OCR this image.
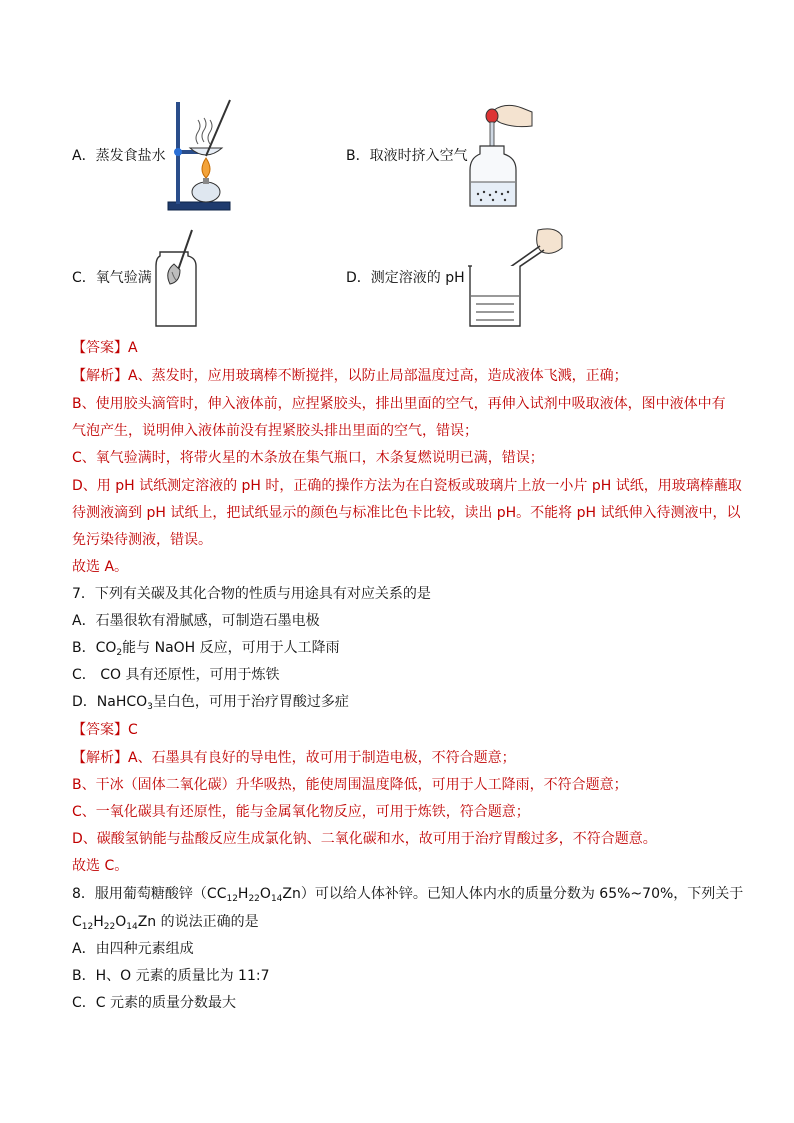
A．蒸发食盐水	B．取液时挤入空气
C．氧气验满	D．测定溶液的 pH
【答案】A
【解析】A、蒸发时，应用玻璃棒不断搅拌，以防止局部温度过高，造成液体飞溅，正确；
B、使用胶头滴管时，伸入液体前，应捏紧胶头，排出里面的空气，再伸入试剂中吸取液体，图中液体中有
气泡产生，说明伸入液体前没有捏紧胶头排出里面的空气，错误；
C、氧气验满时，将带火星的木条放在集气瓶口，木条复燃说明已满，错误；
D、用 pH 试纸测定溶液的 pH 时，正确的操作方法为在白瓷板或玻璃片上放一小片 pH 试纸，用玻璃棒蘸取
待测液滴到 pH 试纸上，把试纸显示的颜色与标准比色卡比较，读出 pH。不能将 pH 试纸伸入待测液中，以
免污染待测液，错误。
故选 A。
7．下列有关碳及其化合物的性质与用途具有对应关系的是
A．石墨很软有滑腻感，可制造石墨电极
B．$CO_2$能与 NaOH 反应，可用于人工降雨
C． CO 具有还原性，可用于炼铁
D．NaHCO$_3$呈白色，可用于治疗胃酸过多症
【答案】C
【解析】A、石墨具有良好的导电性，故可用于制造电极，不符合题意；
B、干冰（固体二氧化碳）升华吸热，能使周围温度降低，可用于人工降雨，不符合题意；
C、一氧化碳具有还原性，能与金属氧化物反应，可用于炼铁，符合题意；
D、碳酸氢钠能与盐酸反应生成氯化钠、二氧化碳和水，故可用于治疗胃酸过多，不符合题意。
故选 C。
8．服用葡萄糖酸锌$(CC_{12}H_{22}O_{14}Zn)$可以给人体补锌。已知人体内水的质量分数为 65%~70%，下列关于
$C_{12}H_{22}O_{14}Zn$ 的说法正确的是
A．由四种元素组成
B．H、O 元素的质量比为 11:7
C．C 元素的质量分数最大
